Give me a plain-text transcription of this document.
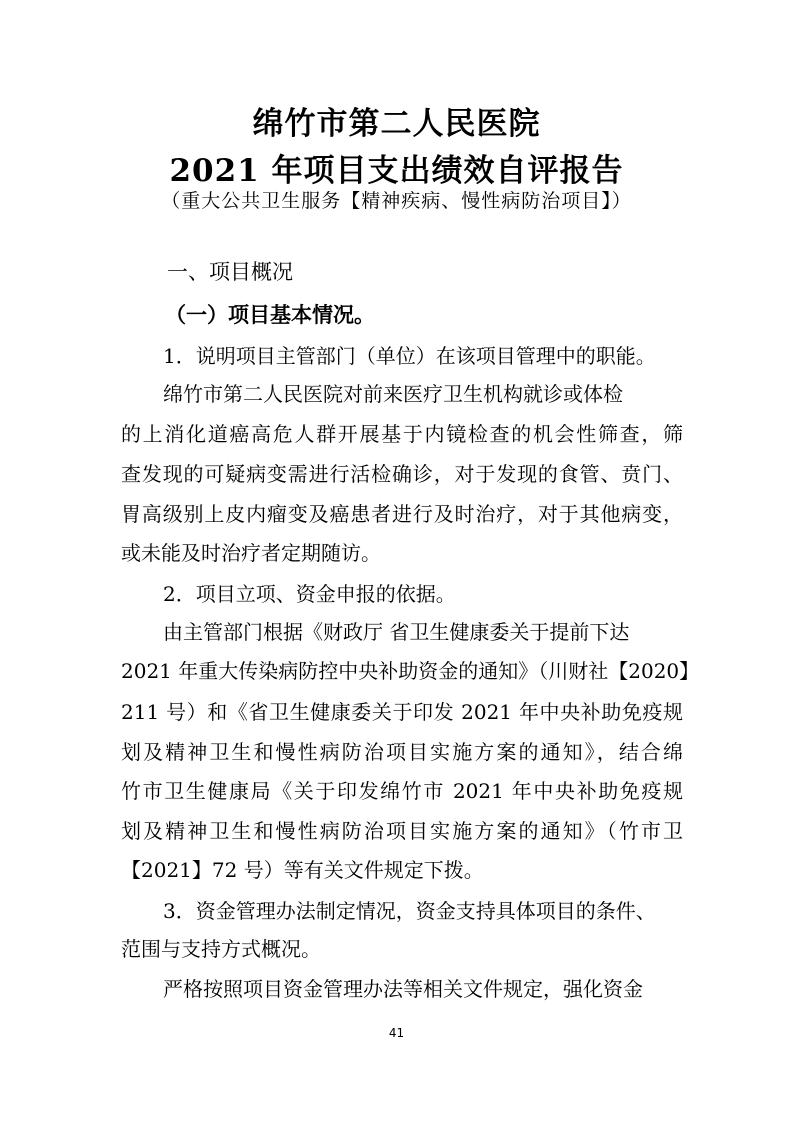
绵竹市第二人民医院
2021 年项目支出绩效自评报告
（重大公共卫生服务【精神疾病、慢性病防治项目】）
一、项目概况
（一）项目基本情况。
1．说明项目主管部门（单位）在该项目管理中的职能。
绵竹市第二人民医院对前来医疗卫生机构就诊或体检
的上消化道癌高危人群开展基于内镜检查的机会性筛查，筛
查发现的可疑病变需进行活检确诊，对于发现的食管、贲门、
胃高级别上皮内瘤变及癌患者进行及时治疗，对于其他病变，
或未能及时治疗者定期随访。
2．项目立项、资金申报的依据。
由主管部门根据《财政厅 省卫生健康委关于提前下达
2021 年重大传染病防控中央补助资金的通知》（川财社【2020】
211 号）和《省卫生健康委关于印发 2021 年中央补助免疫规
划及精神卫生和慢性病防治项目实施方案的通知》，结合绵
竹市卫生健康局《关于印发绵竹市 2021 年中央补助免疫规
划及精神卫生和慢性病防治项目实施方案的通知》（竹市卫
【2021】72 号）等有关文件规定下拨。
3．资金管理办法制定情况，资金支持具体项目的条件、
范围与支持方式概况。
严格按照项目资金管理办法等相关文件规定，强化资金
41
